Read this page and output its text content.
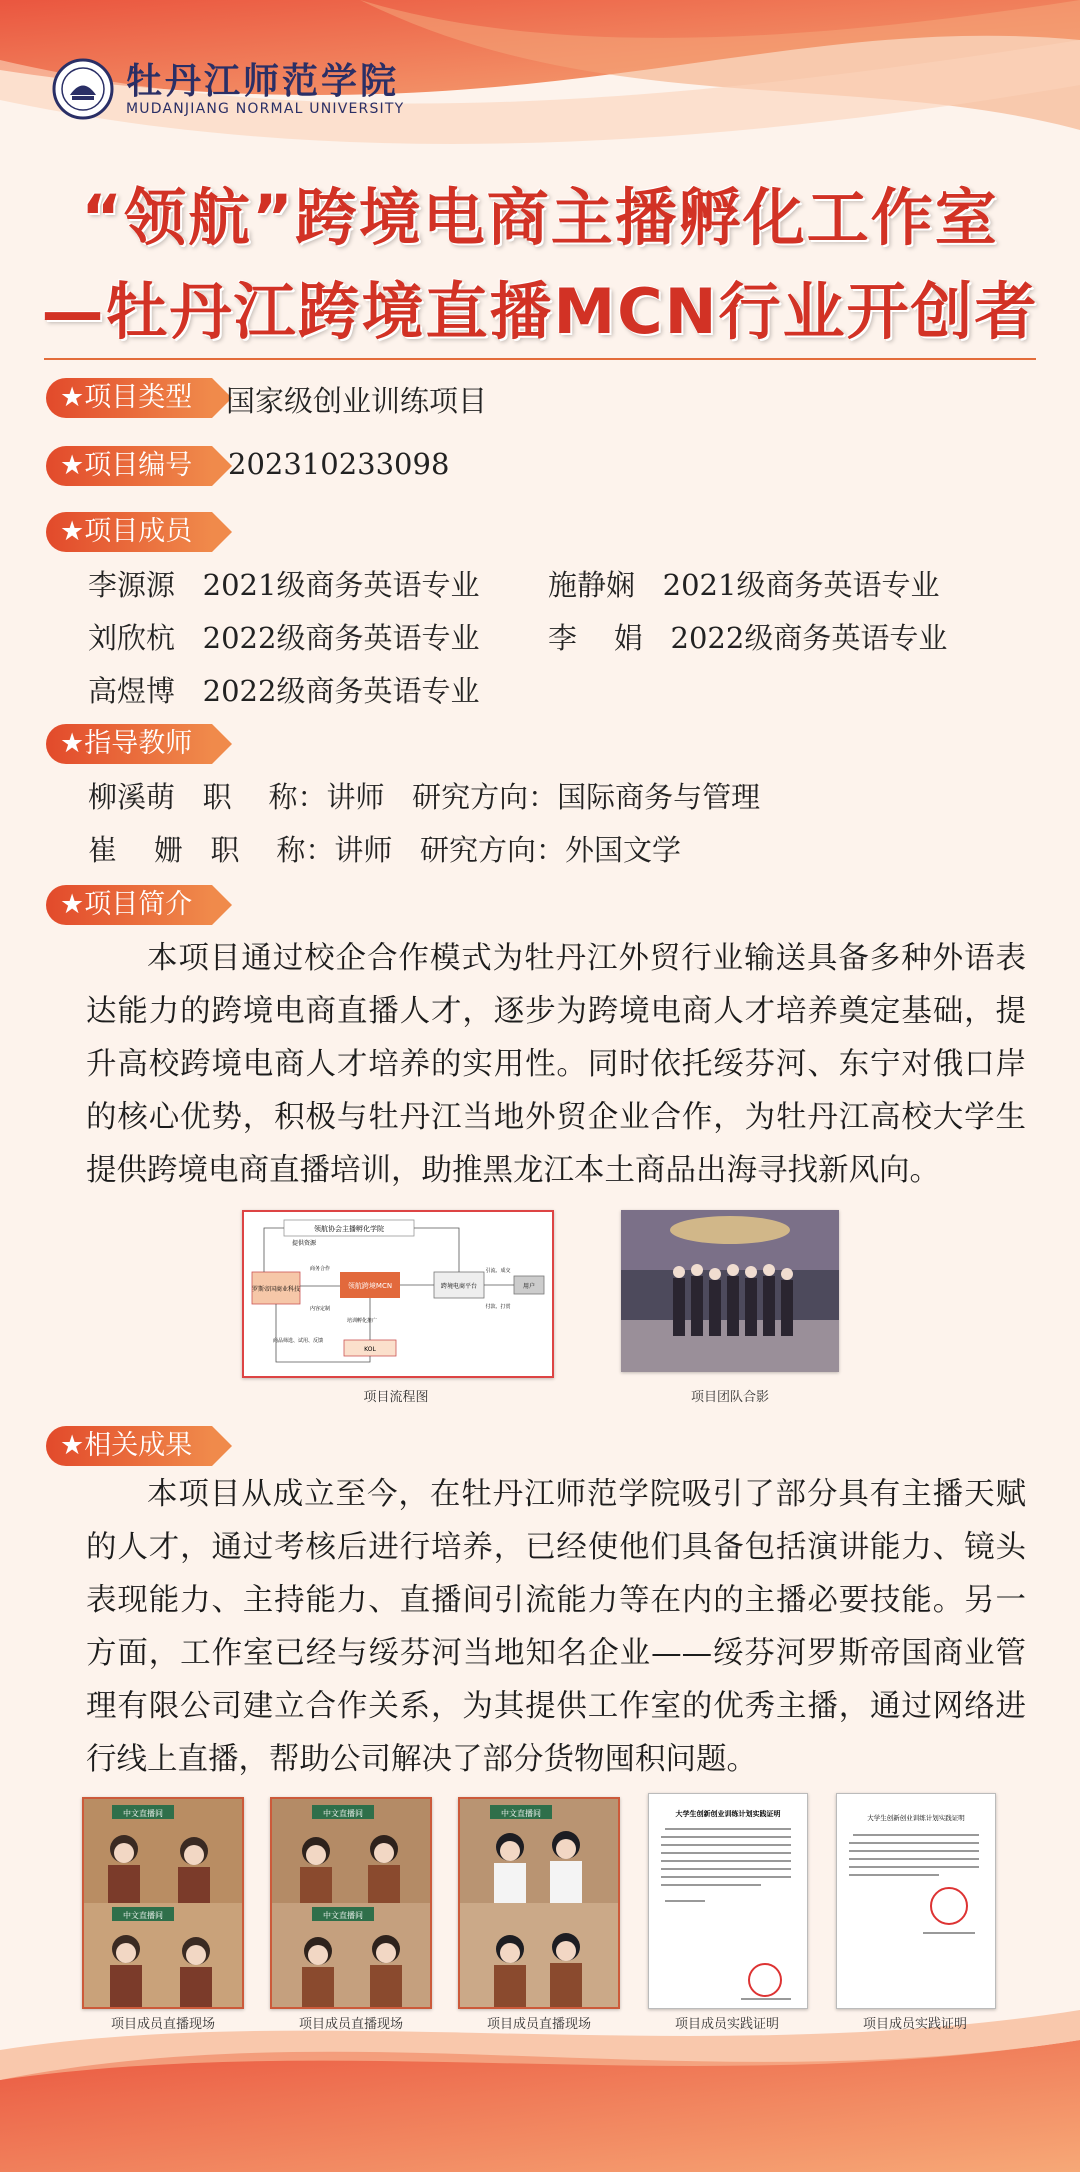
牡丹江师范学院
MUDANJIANG NORMAL UNIVERSITY
“领航”跨境电商主播孵化工作室
—牡丹江跨境直播MCN行业开创者
★项目类型	国家级创业训练项目
★项目编号	202310233098
★项目成员
李源源   2021级商务英语专业 施静娴   2021级商务英语专业
刘欣杭   2022级商务英语专业 李    娟   2022级商务英语专业
高煜博   2022级商务英语专业
★指导教师
柳溪萌   职    称：讲师   研究方向：国际商务与管理
崔    姗   职    称：讲师   研究方向：外国文学
★项目简介
本项目通过校企合作模式为牡丹江外贸行业输送具备多种外语表达能力的跨境电商直播人才，逐步为跨境电商人才培养奠定基础，提升高校跨境电商人才培养的实用性。同时依托绥芬河、东宁对俄口岸的核心优势，积极与牡丹江当地外贸企业合作，为牡丹江高校大学生提供跨境电商直播培训，助推黑龙江本土商品出海寻找新风向。
领航协会主播孵化学院
提供资源
罗斯帝国商业科技	领航跨境MCN	跨境电商平台	用户
KOL
商务合作
内容定制
引流、成交
付款、打赏
培训孵化推广
商品筛选、试用、反馈
项目流程图	项目团队合影
★相关成果
本项目从成立至今，在牡丹江师范学院吸引了部分具有主播天赋的人才，通过考核后进行培养，已经使他们具备包括演讲能力、镜头表现能力、主持能力、直播间引流能力等在内的主播必要技能。另一方面，工作室已经与绥芬河当地知名企业——绥芬河罗斯帝国商业管理有限公司建立合作关系，为其提供工作室的优秀主播，通过网络进行线上直播，帮助公司解决了部分货物囤积问题。
中文直播间
中文直播间
项目成员直播现场
中文直播间
中文直播间
项目成员直播现场
中文直播间
项目成员直播现场
大学生创新创业训练计划实践证明
项目成员实践证明
大学生创新创业训练计划实践证明
项目成员实践证明
